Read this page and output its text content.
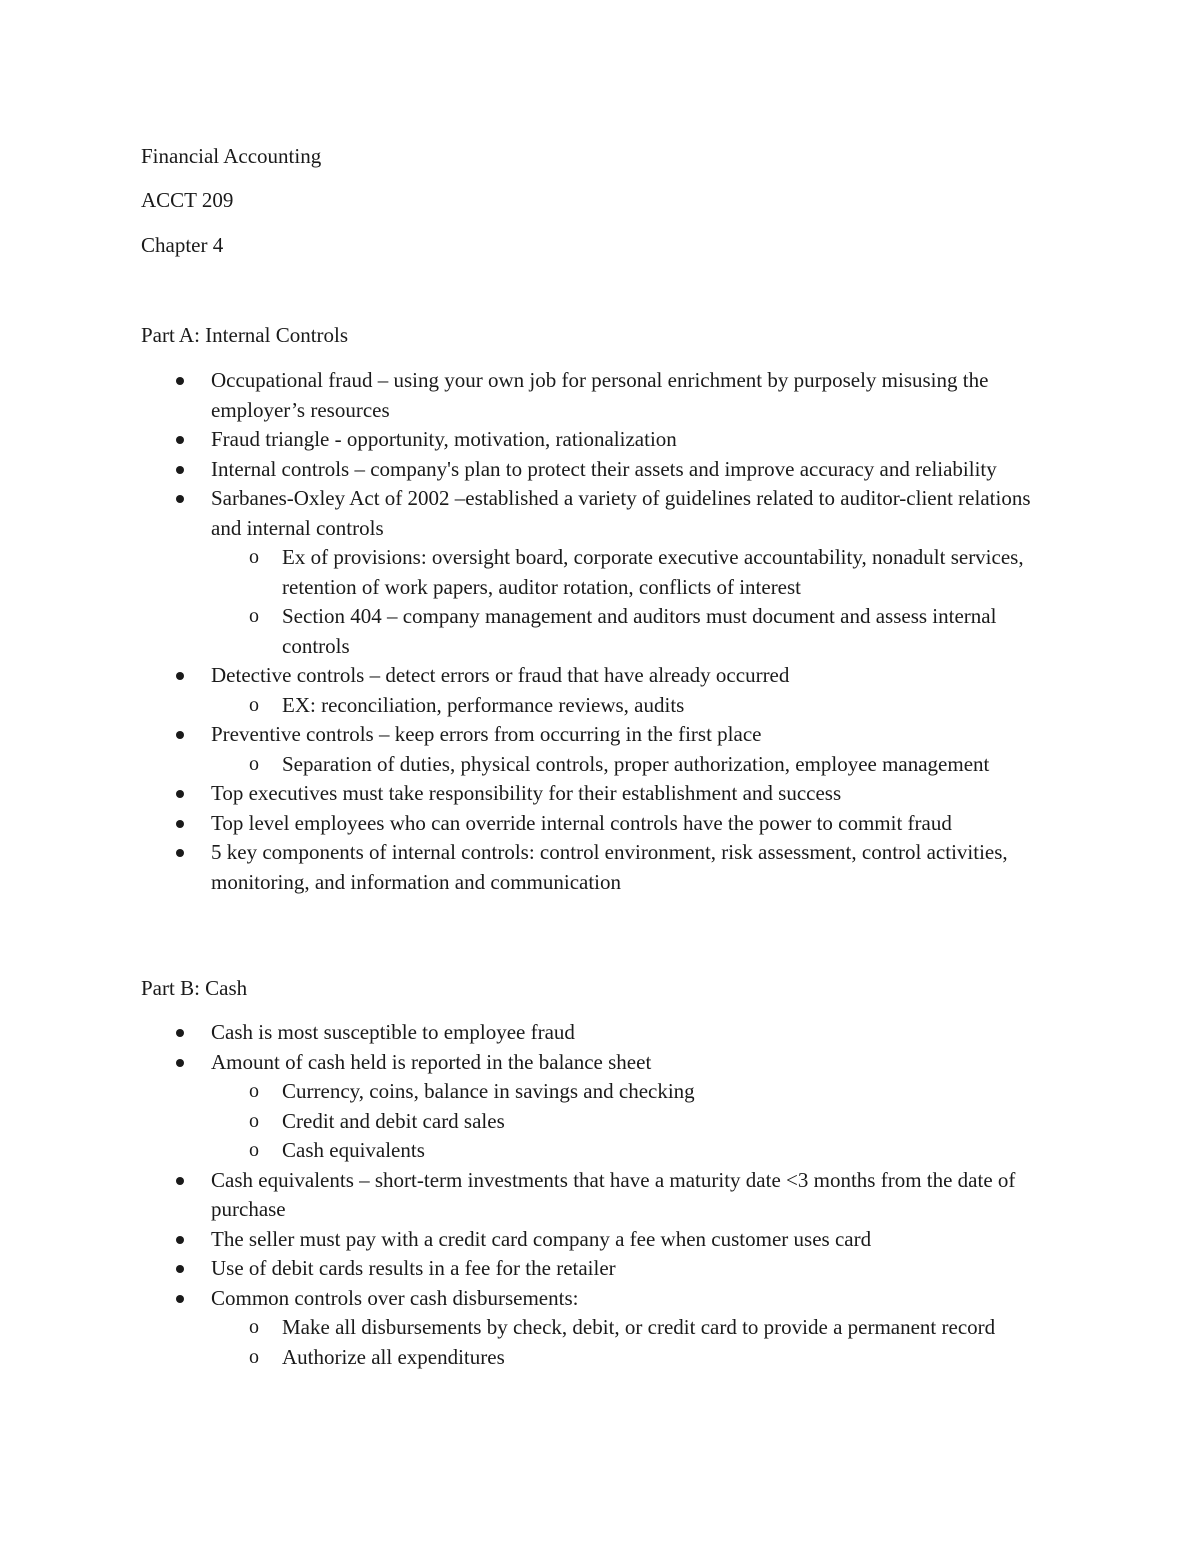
Financial Accounting

ACCT 209

Chapter 4

Part A: Internal Controls

Occupational fraud – using your own job for personal enrichment by purposely misusing the employer’s resources
Fraud triangle - opportunity, motivation, rationalization
Internal controls – company's plan to protect their assets and improve accuracy and reliability
Sarbanes-Oxley Act of 2002 –established a variety of guidelines related to auditor-client relations and internal controls
o Ex of provisions: oversight board, corporate executive accountability, nonadult services, retention of work papers, auditor rotation, conflicts of interest
o Section 404 – company management and auditors must document and assess internal controls
Detective controls – detect errors or fraud that have already occurred
o EX: reconciliation, performance reviews, audits
Preventive controls – keep errors from occurring in the first place
o Separation of duties, physical controls, proper authorization, employee management
Top executives must take responsibility for their establishment and success
Top level employees who can override internal controls have the power to commit fraud
5 key components of internal controls: control environment, risk assessment, control activities, monitoring, and information and communication

Part B: Cash

Cash is most susceptible to employee fraud
Amount of cash held is reported in the balance sheet
o Currency, coins, balance in savings and checking
o Credit and debit card sales
o Cash equivalents
Cash equivalents – short-term investments that have a maturity date <3 months from the date of purchase
The seller must pay with a credit card company a fee when customer uses card
Use of debit cards results in a fee for the retailer
Common controls over cash disbursements:
o Make all disbursements by check, debit, or credit card to provide a permanent record
o Authorize all expenditures
